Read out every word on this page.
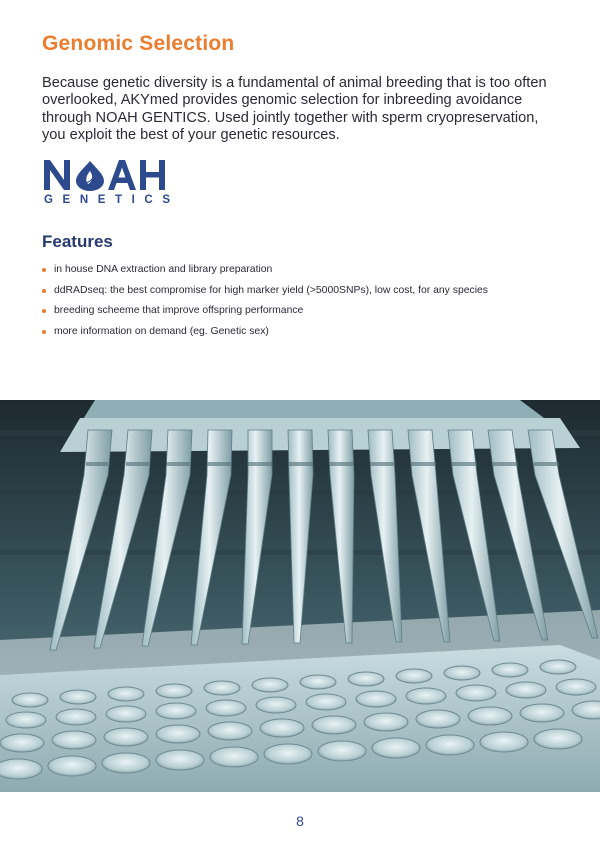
Genomic Selection

Because genetic diversity is a fundamental of animal breeding that is too often overlooked, AKYmed provides genomic selection for inbreeding avoidance through NOAH GENTICS. Used jointly together with sperm cryopreservation, you exploit the best of your genetic resources.

GENETICS
Features
in house DNA extraction and library preparation
ddRADseq: the best compromise for high marker yield (>5000SNPs), low cost, for any species
breeding scheeme that improve offspring performance
more information on demand (eg. Genetic sex)
8
